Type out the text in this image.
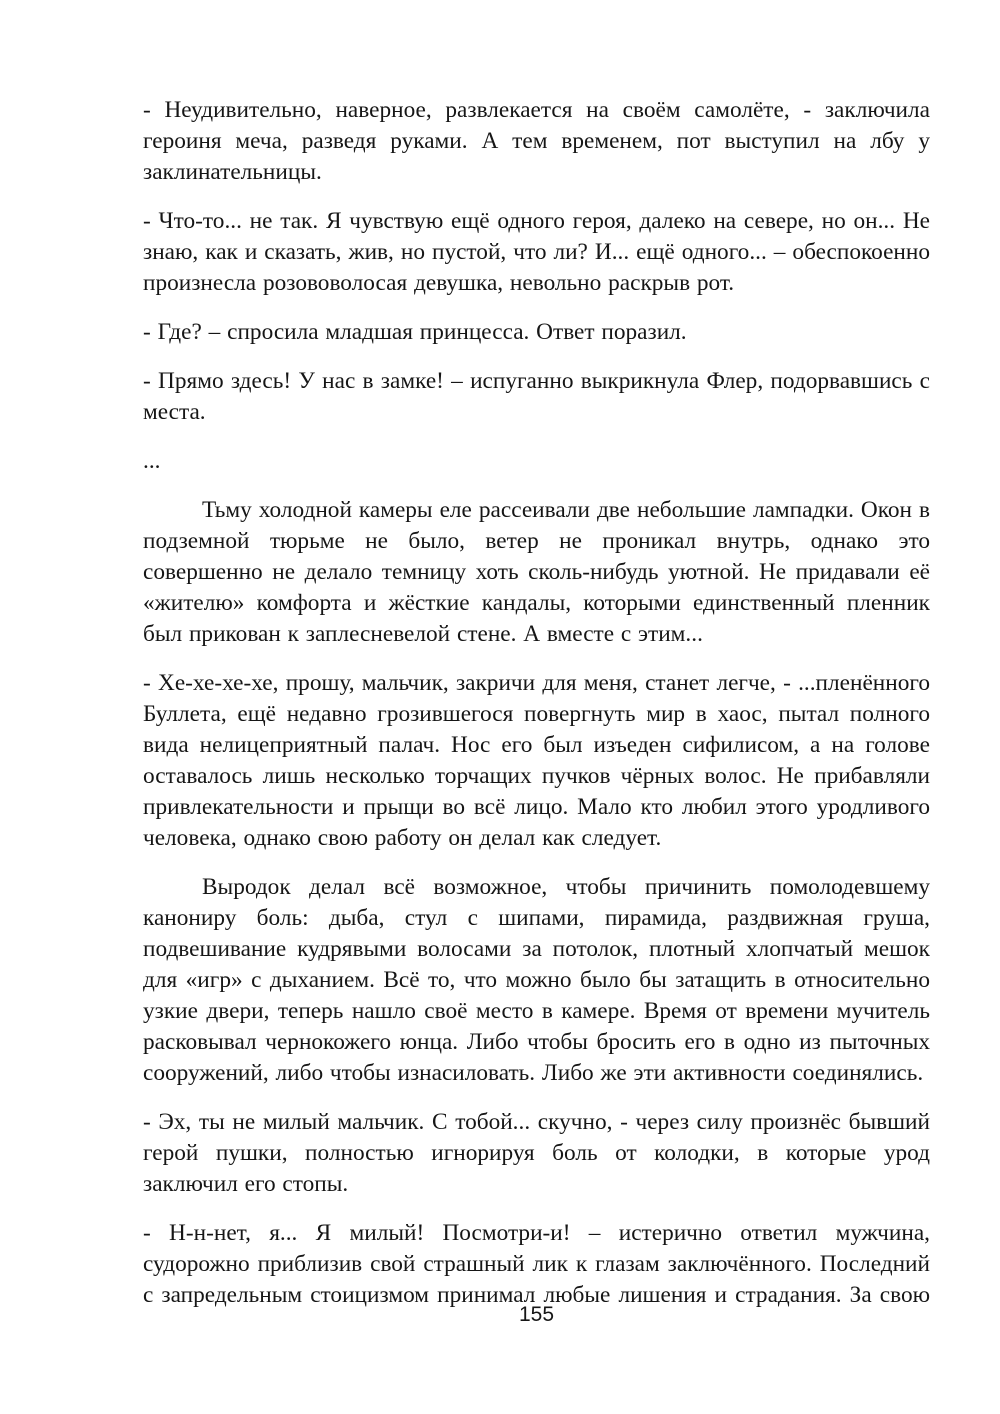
- Неудивительно, наверное, развлекается на своём самолёте, - заключила героиня меча, разведя руками. А тем временем, пот выступил на лбу у заклинательницы.

- Что-то... не так. Я чувствую ещё одного героя, далеко на севере, но он... Не знаю, как и сказать, жив, но пустой, что ли? И... ещё одного... – обеспокоенно произнесла розововолосая девушка, невольно раскрыв рот.

- Где? – спросила младшая принцесса. Ответ поразил.

- Прямо здесь! У нас в замке! – испуганно выкрикнула Флер, подорвавшись с места.

...

Тьму холодной камеры еле рассеивали две небольшие лампадки. Окон в подземной тюрьме не было, ветер не проникал внутрь, однако это совершенно не делало темницу хоть сколь-нибудь уютной. Не придавали её «жителю» комфорта и жёсткие кандалы, которыми единственный пленник был прикован к заплесневелой стене. А вместе с этим...

- Хе-хе-хе-хе, прошу, мальчик, закричи для меня, станет легче, - ...пленённого Буллета, ещё недавно грозившегося повергнуть мир в хаос, пытал полного вида нелицеприятный палач. Нос его был изъеден сифилисом, а на голове оставалось лишь несколько торчащих пучков чёрных волос. Не прибавляли привлекательности и прыщи во всё лицо. Мало кто любил этого уродливого человека, однако свою работу он делал как следует.

Выродок делал всё возможное, чтобы причинить помолодевшему канониру боль: дыба, стул с шипами, пирамида, раздвижная груша, подвешивание кудрявыми волосами за потолок, плотный хлопчатый мешок для «игр» с дыханием. Всё то, что можно было бы затащить в относительно узкие двери, теперь нашло своё место в камере. Время от времени мучитель расковывал чернокожего юнца. Либо чтобы бросить его в одно из пыточных сооружений, либо чтобы изнасиловать. Либо же эти активности соединялись.

- Эх, ты не милый мальчик. С тобой... скучно, - через силу произнёс бывший герой пушки, полностью игнорируя боль от колодки, в которые урод заключил его стопы.

- Н-н-нет, я... Я милый! Посмотри-и! – истерично ответил мужчина, судорожно приблизив свой страшный лик к глазам заключённого. Последний с запредельным стоицизмом принимал любые лишения и страдания. За свою

155
